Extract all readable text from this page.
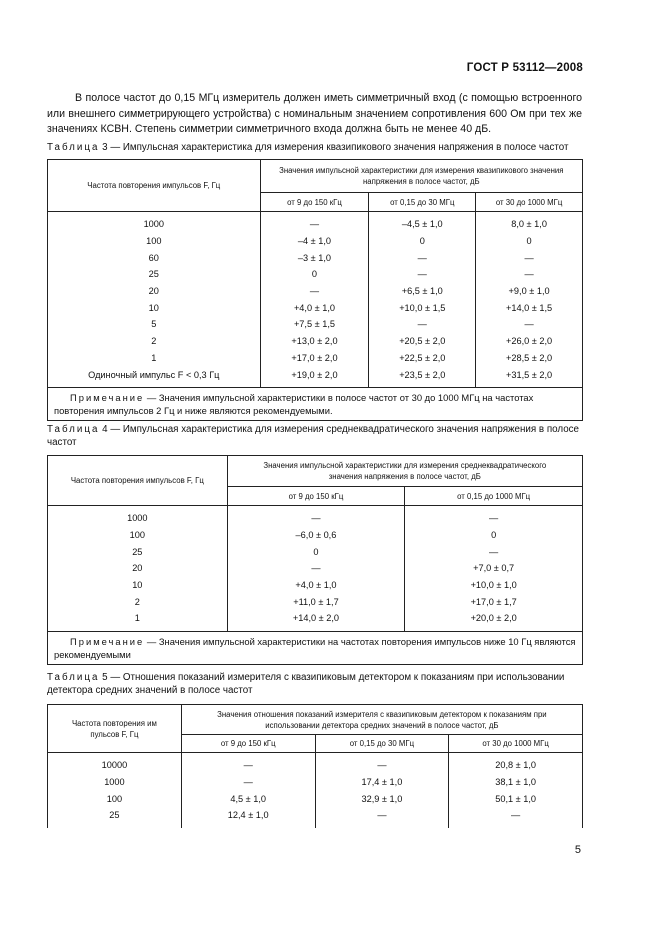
ГОСТ Р 53112—2008
В полосе частот до 0,15 МГц измеритель должен иметь симметричный вход (с помощью встроенного или внешнего симметрирующего устройства) с номинальным значением сопротивления 600 Ом при тех же значениях КСВН. Степень симметрии симметричного входа должна быть не менее 40 дБ.
Таблица 3 — Импульсная характеристика для измерения квазипикового значения напряжения в полосе частот
Частота повторения импульсов F, Гц	Значения импульсной характеристики для измерения квазипикового значения напряжения в полосе частот, дБ		
	от 9 до 150 кГц	от 0,15 до 30 МГц	от 30 до 1000 МГц
1000	—	–4,5 ± 1,0	8,0 ± 1,0
100	–4 ± 1,0	0	0
60	–3 ± 1,0	—	—
25	0	—	—
20	—	+6,5 ± 1,0	+9,0 ± 1,0
10	+4,0 ± 1,0	+10,0 ± 1,5	+14,0 ± 1,5
5	+7,5 ± 1,5	—	—
2	+13,0 ± 2,0	+20,5 ± 2,0	+26,0 ± 2,0
1	+17,0 ± 2,0	+22,5 ± 2,0	+28,5 ± 2,0
Одиночный импульс F < 0,3 Гц	+19,0 ± 2,0	+23,5 ± 2,0	+31,5 ± 2,0
Примечание — Значения импульсной характеристики в полосе частот от 30 до 1000 МГц на частотах повторения импульсов 2 Гц и ниже являются рекомендуемыми.			
Таблица 4 — Импульсная характеристика для измерения среднеквадратического значения напряжения в полосе частот
Частота повторения импульсов F, Гц	Значения импульсной характеристики для измерения среднеквадратического значения напряжения в полосе частот, дБ	
	от 9 до 150 кГц	от 0,15 до 1000 МГц
1000	—	—
100	–6,0 ± 0,6	0
25	0	—
20	—	+7,0 ± 0,7
10	+4,0 ± 1,0	+10,0 ± 1,0
2	+11,0 ± 1,7	+17,0 ± 1,7
1	+14,0 ± 2,0	+20,0 ± 2,0
Примечание — Значения импульсной характеристики на частотах повторения импульсов ниже 10 Гц являются рекомендуемыми		
Таблица 5 — Отношения показаний измерителя с квазипиковым детектором к показаниям при использовании детектора средних значений в полосе частот
Частота повторения им пульсов F, Гц	Значения отношения показаний измерителя с квазипиковым детектором к показаниям при использовании детектора средних значений в полосе частот, дБ		
	от 9 до 150 кГц	от 0,15 до 30 МГц	от 30 до 1000 МГц
10000	—	—	20,8 ± 1,0
1000	—	17,4 ± 1,0	38,1 ± 1,0
100	4,5 ± 1,0	32,9 ± 1,0	50,1 ± 1,0
25	12,4 ± 1,0	—	—
5
